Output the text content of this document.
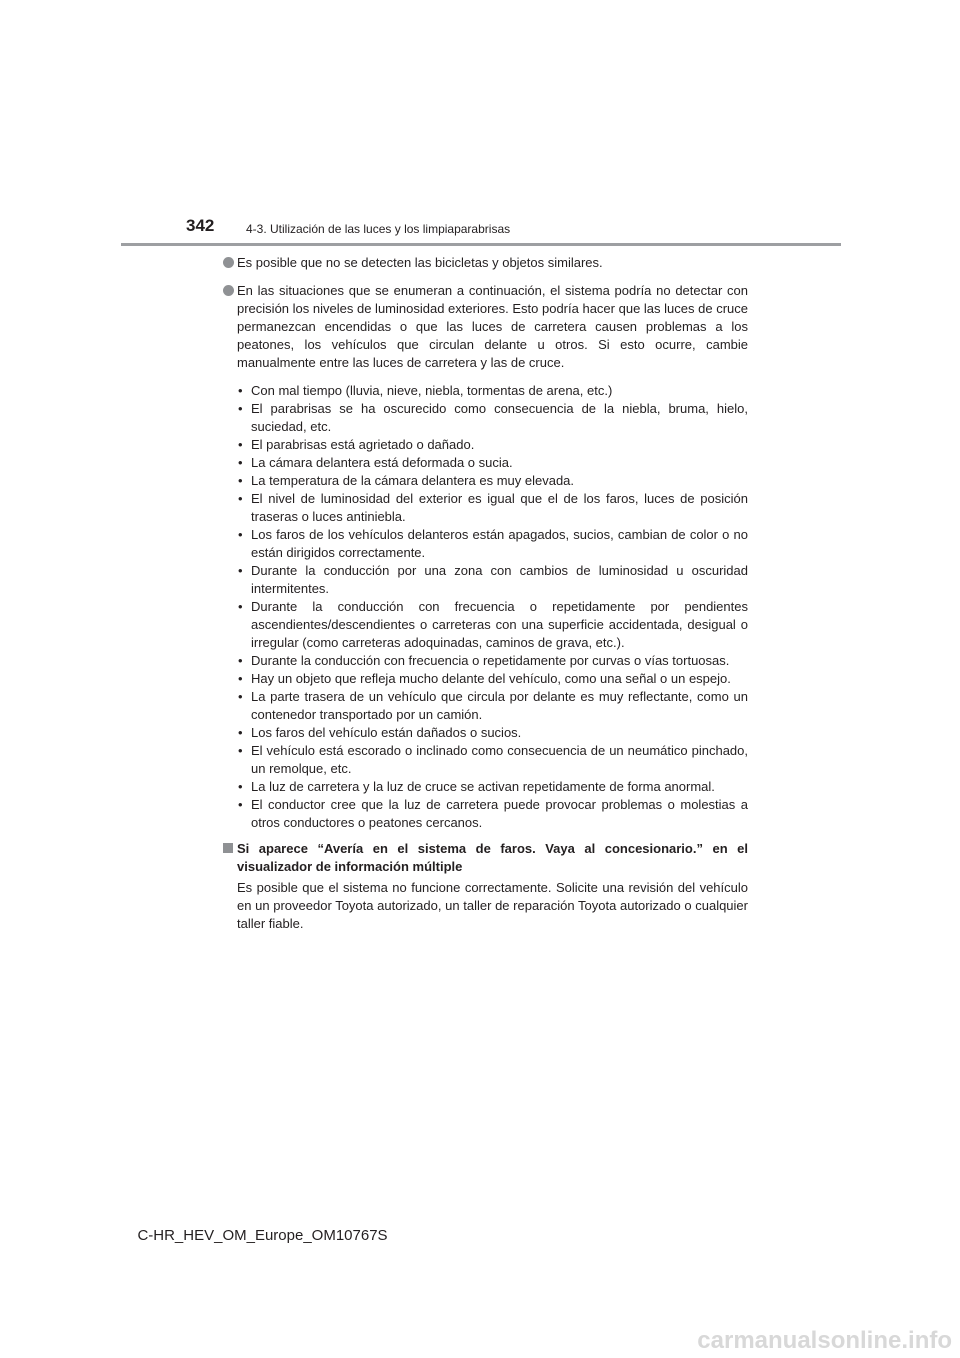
342	4-3. Utilización de las luces y los limpiaparabrisas
Es posible que no se detecten las bicicletas y objetos similares.
En las situaciones que se enumeran a continuación, el sistema podría no detectar con precisión los niveles de luminosidad exteriores. Esto podría hacer que las luces de cruce permanezcan encendidas o que las luces de carretera causen problemas a los peatones, los vehículos que circulan delante u otros. Si esto ocurre, cambie manualmente entre las luces de carretera y las de cruce.
• Con mal tiempo (lluvia, nieve, niebla, tormentas de arena, etc.)
• El parabrisas se ha oscurecido como consecuencia de la niebla, bruma, hielo, suciedad, etc.
• El parabrisas está agrietado o dañado.
• La cámara delantera está deformada o sucia.
• La temperatura de la cámara delantera es muy elevada.
• El nivel de luminosidad del exterior es igual que el de los faros, luces de posición traseras o luces antiniebla.
• Los faros de los vehículos delanteros están apagados, sucios, cambian de color o no están dirigidos correctamente.
• Durante la conducción por una zona con cambios de luminosidad u oscuridad intermitentes.
• Durante la conducción con frecuencia o repetidamente por pendientes ascendientes/descendientes o carreteras con una superficie accidentada, desigual o irregular (como carreteras adoquinadas, caminos de grava, etc.).
• Durante la conducción con frecuencia o repetidamente por curvas o vías tortuosas.
• Hay un objeto que refleja mucho delante del vehículo, como una señal o un espejo.
• La parte trasera de un vehículo que circula por delante es muy reflectante, como un contenedor transportado por un camión.
• Los faros del vehículo están dañados o sucios.
• El vehículo está escorado o inclinado como consecuencia de un neumático pinchado, un remolque, etc.
• La luz de carretera y la luz de cruce se activan repetidamente de forma anormal.
• El conductor cree que la luz de carretera puede provocar problemas o molestias a otros conductores o peatones cercanos.
Si aparece “Avería en el sistema de faros. Vaya al concesionario.” en el visualizador de información múltiple

Es posible que el sistema no funcione correctamente. Solicite una revisión del vehículo en un proveedor Toyota autorizado, un taller de reparación Toyota autorizado o cualquier taller fiable.

C-HR_HEV_OM_Europe_OM10767S
carmanualsonline.info
